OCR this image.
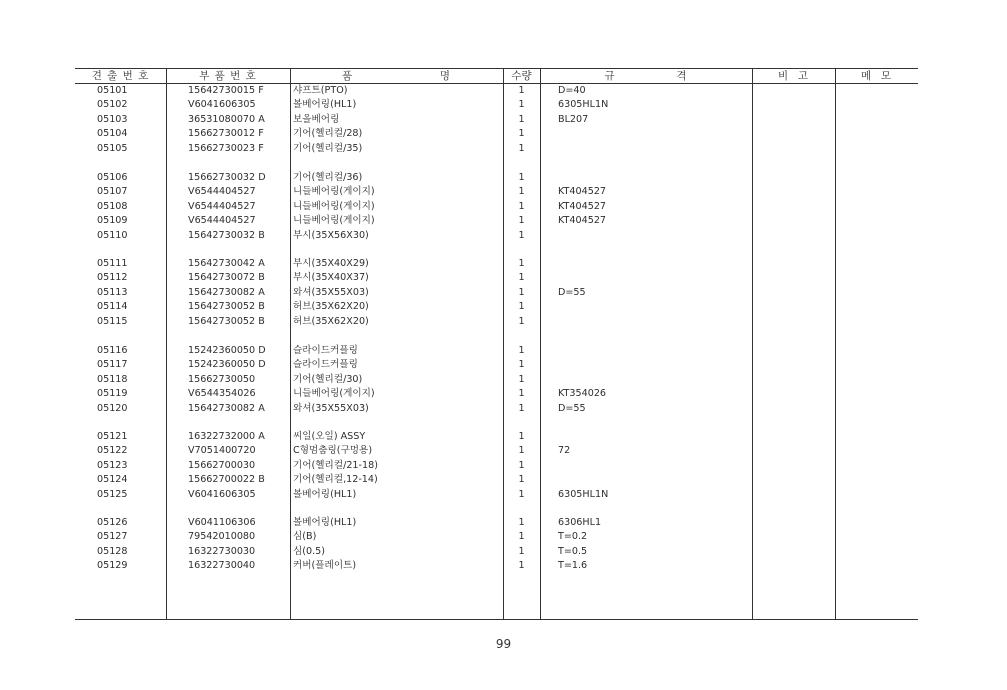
견 출 번 호	부 품 번 호	품                    명	수량	규              격	비  고	메  모
05101	15642730015 F	샤프트(PTO)	1	D=40
05102	V6041606305	볼베어링(HL1)	1	6305HL1N
05103	36531080070 A	보올베어링	1	BL207
05104	15662730012 F	기어(헬리컬/28)	1
05105	15662730023 F	기어(헬리컬/35)	1
05106	15662730032 D	기어(헬리컬/36)	1
05107	V6544404527	니들베어링(게이지)	1	KT404527
05108	V6544404527	니들베어링(게이지)	1	KT404527
05109	V6544404527	니들베어링(게이지)	1	KT404527
05110	15642730032 B	부시(35X56X30)	1
05111	15642730042 A	부시(35X40X29)	1
05112	15642730072 B	부시(35X40X37)	1
05113	15642730082 A	와셔(35X55X03)	1	D=55
05114	15642730052 B	허브(35X62X20)	1
05115	15642730052 B	허브(35X62X20)	1
05116	15242360050 D	슬라이드커플링	1
05117	15242360050 D	슬라이드커플링	1
05118	15662730050	기어(헬리컬/30)	1
05119	V6544354026	니들베어링(게이지)	1	KT354026
05120	15642730082 A	와셔(35X55X03)	1	D=55
05121	16322732000 A	씨일(오일) ASSY	1
05122	V7051400720	C형멈춤링(구멍용)	1	72
05123	15662700030	기어(헬리컬/21-18)	1
05124	15662700022 B	기어(헬리컬,12-14)	1
05125	V6041606305	볼베어링(HL1)	1	6305HL1N
05126	V6041106306	볼베어링(HL1)	1	6306HL1
05127	79542010080	심(B)	1	T=0.2
05128	16322730030	심(0.5)	1	T=0.5
05129	16322730040	커버(플레이트)	1	T=1.6
99
